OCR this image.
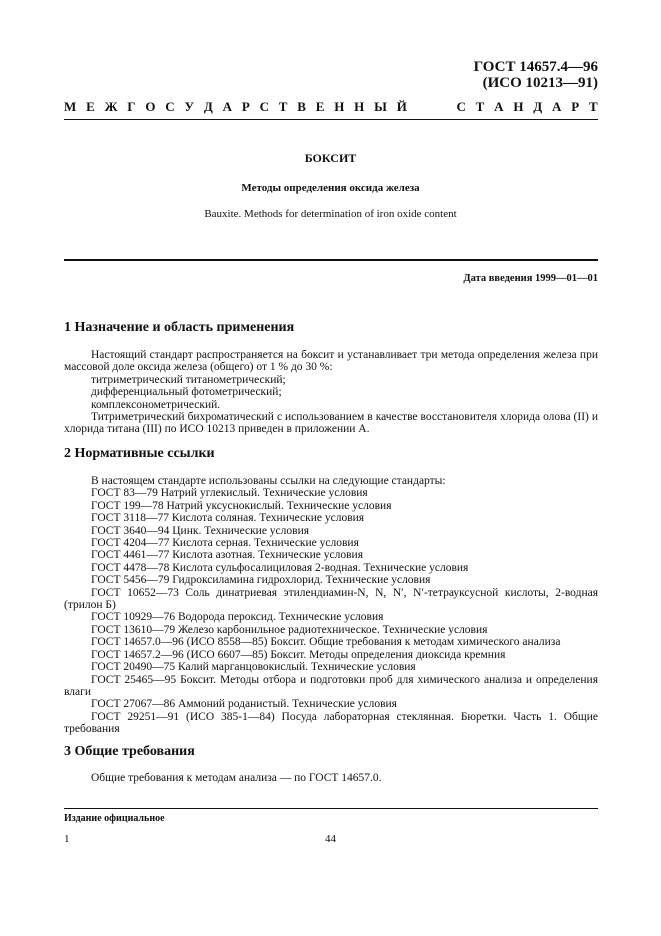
ГОСТ 14657.4—96
(ИСО 10213—91)
М Е Ж Г О С У Д А Р С Т В Е Н Н Ы Й	С Т А Н Д А Р Т
БОКСИТ
Методы определения оксида железа
Bauxite. Methods for determination of iron oxide content
Дата введения 1999—01—01
1 Назначение и область применения
Настоящий стандарт распространяется на боксит и устанавливает три метода определения железа при массовой доле оксида железа (общего) от 1 % до 30 %:
титриметрический титанометрический;
дифференциальный фотометрический;
комплексонометрический.
Титриметрический бихроматический с использованием в качестве восстановителя хлорида олова (II) и хлорида титана (III) по ИСО 10213 приведен в приложении А.
2 Нормативные ссылки
В настоящем стандарте использованы ссылки на следующие стандарты:
ГОСТ 83—79 Натрий углекислый. Технические условия
ГОСТ 199—78 Натрий уксуснокислый. Технические условия
ГОСТ 3118—77 Кислота соляная. Технические условия
ГОСТ 3640—94 Цинк. Технические условия
ГОСТ 4204—77 Кислота серная. Технические условия
ГОСТ 4461—77 Кислота азотная. Технические условия
ГОСТ 4478—78 Кислота сульфосалициловая 2-водная. Технические условия
ГОСТ 5456—79 Гидроксиламина гидрохлорид. Технические условия
ГОСТ 10652—73 Соль динатриевая этилендиамин-N, N, N′, N′-тетрауксусной кислоты, 2-водная (трилон Б)
ГОСТ 10929—76 Водорода пероксид. Технические условия
ГОСТ 13610—79 Железо карбонильное радиотехническое. Технические условия
ГОСТ 14657.0—96 (ИСО 8558—85) Боксит. Общие требования к методам химического анализа
ГОСТ 14657.2—96 (ИСО 6607—85) Боксит. Методы определения диоксида кремния
ГОСТ 20490—75 Калий марганцовокислый. Технические условия
ГОСТ 25465—95 Боксит. Методы отбора и подготовки проб для химического анализа и определения влаги
ГОСТ 27067—86 Аммоний роданистый. Технические условия
ГОСТ 29251—91 (ИСО 385-1—84) Посуда лабораторная стеклянная. Бюретки. Часть 1. Общие требования
3 Общие требования
Общие требования к методам анализа — по ГОСТ 14657.0.
Издание официальное
1	44
